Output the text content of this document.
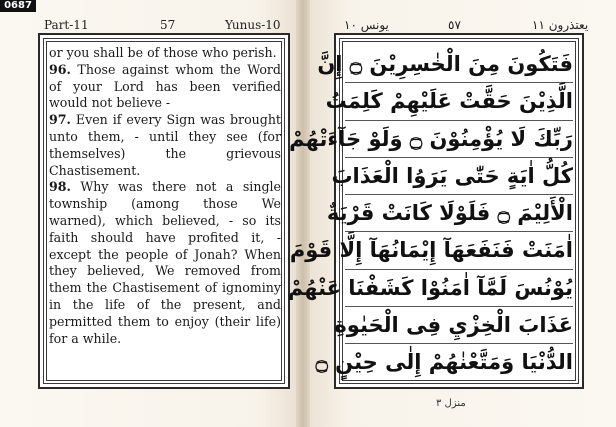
0687
Part-11	57	Yunus-10

or you shall be of those who perish.

96. Those against whom the Word of your Lord has been verified would not believe -

97. Even if every Sign was brought unto them, - until they see (for themselves) the grievous Chastisement.

98. Why was there not a single township (among those We warned), which believed, - so its faith should have profited it, - except the people of Jonah? When they believed, We removed from them the Chastisement of ignominy in the life of the present, and permitted them to enjoy (their life) for a while.

يعتذرون ١١
٥٧
يونس ١٠
فَتَكُونَ مِنَ الْخٰسِرِيْنَ ۝ إِنَّ
الَّذِيْنَ حَقَّتْ عَلَيْهِمْ كَلِمَتُ
رَبِّكَ لَا يُؤْمِنُوْنَ ۝ وَلَوْ جَآءَتْهُمْ
كُلُّ اٰيَةٍ حَتّٰى يَرَوُا الْعَذَابَ
الْأَلِيْمَ ۝ فَلَوْلَا كَانَتْ قَرْيَةٌ
اٰمَنَتْ فَنَفَعَهَآ إِيْمَانُهَآ إِلَّا قَوْمَ
يُوْنُسَ لَمَّآ اٰمَنُوْا كَشَفْنَا عَنْهُمْ
عَذَابَ الْخِزْيِ فِى الْحَيٰوةِ
الدُّنْيَا وَمَتَّعْنٰهُمْ إِلٰى حِيْنٍ ۝
منزل ٣
